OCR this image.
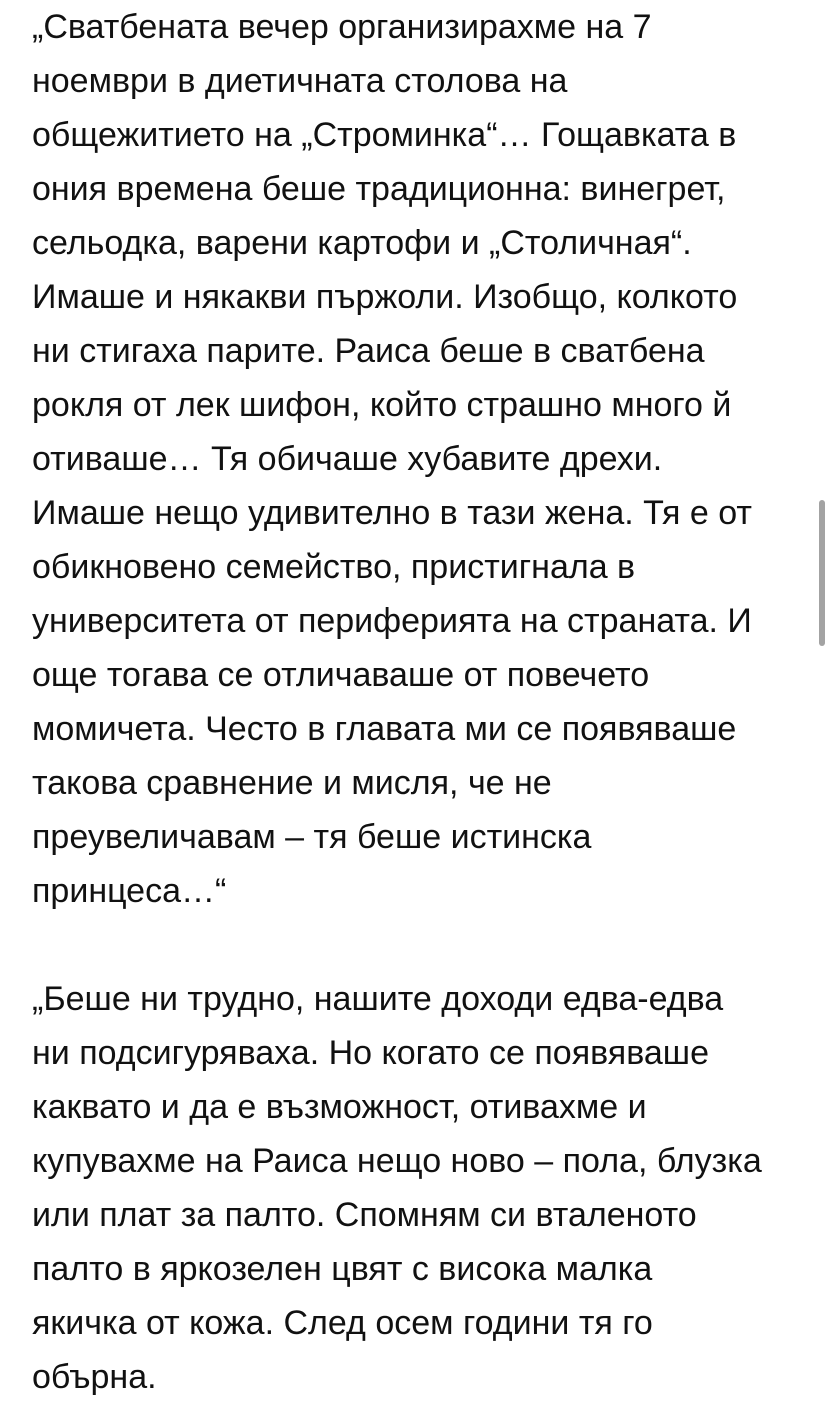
„Сватбената вечер организирахме на 7

ноември в диетичната столова на

общежитието на „Строминка“… Гощавката в

ония времена беше традиционна: винегрет,

сельодка, варени картофи и „Столичная“.

Имаше и някакви пържоли. Изобщо, колкото

ни стигаха парите. Раиса беше в сватбена

рокля от лек шифон, който страшно много й

отиваше… Тя обичаше хубавите дрехи.

Имаше нещо удивително в тази жена. Тя е от

обикновено семейство, пристигнала в

университета от периферията на страната. И

още тогава се отличаваше от повечето

момичета. Често в главата ми се появяваше

такова сравнение и мисля, че не

преувеличавам – тя беше истинска

принцеса…“

„Беше ни трудно, нашите доходи едва-едва

ни подсигуряваха. Но когато се появяваше

каквато и да е възможност, отивахме и

купувахме на Раиса нещо ново – пола, блузка

или плат за палто. Спомням си вталеното

палто в яркозелен цвят с висока малка

якичка от кожа. След осем години тя го

обърна.
